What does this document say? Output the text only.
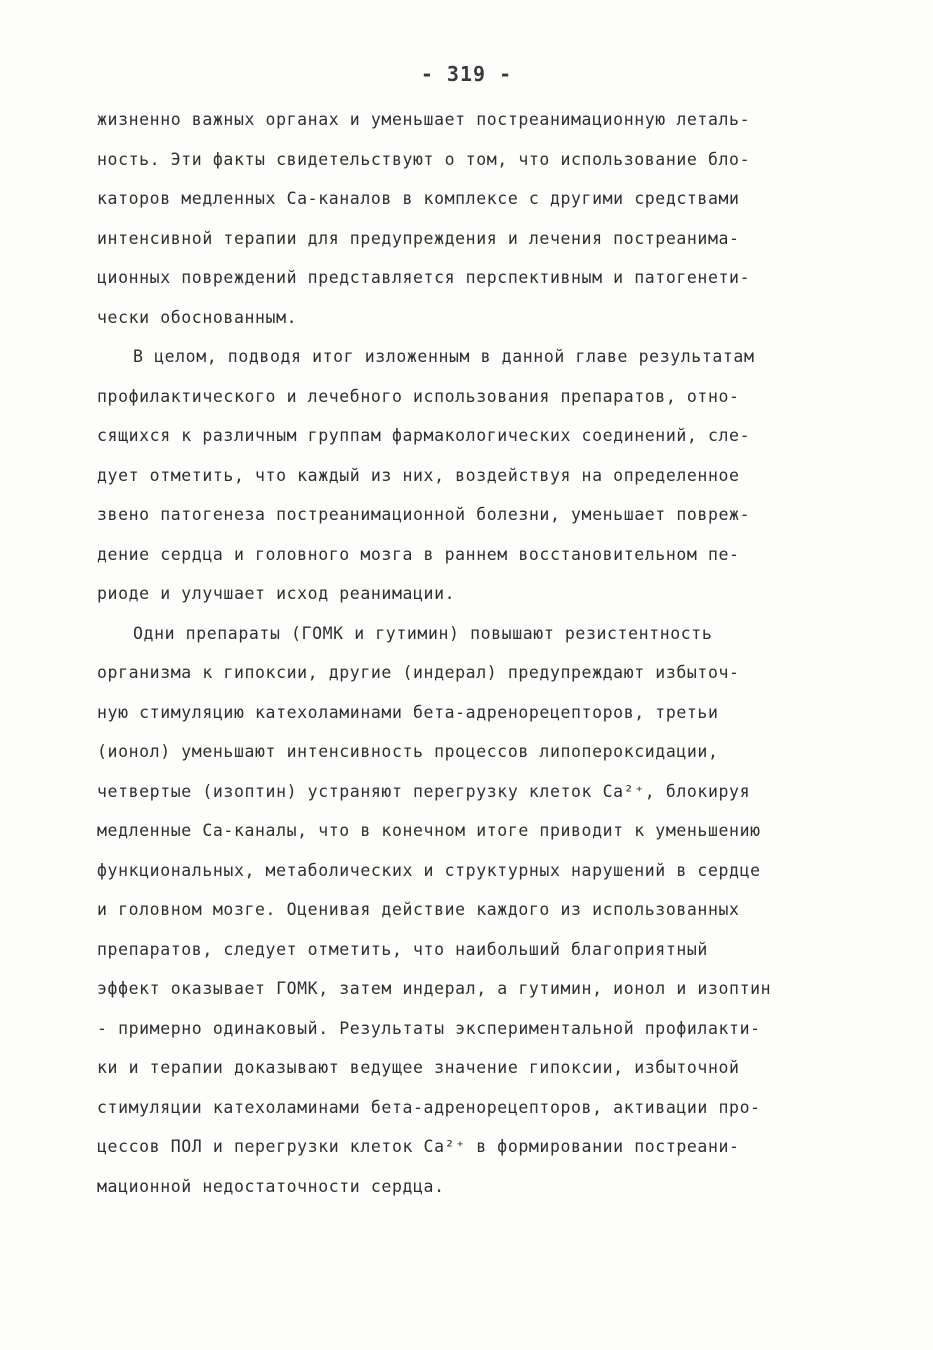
- 319 -
жизненно важных органах и уменьшает постреанимационную леталь-
ность. Эти факты свидетельствуют о том, что использование бло-
каторов медленных Са-каналов в комплексе с другими средствами
интенсивной терапии для предупреждения и лечения постреанима-
ционных повреждений представляется перспективным и патогенети-
чески обоснованным.
В целом, подводя итог изложенным в данной главе результатам
профилактического и лечебного использования препаратов, отно-
сящихся к различным группам фармакологических соединений, сле-
дует отметить, что каждый из них, воздействуя на определенное
звено патогенеза постреанимационной болезни, уменьшает повреж-
дение сердца и головного мозга в раннем восстановительном пе-
риоде и улучшает исход реанимации.
Одни препараты (ГОМК и гутимин) повышают резистентность
организма к гипоксии, другие (индерал) предупреждают избыточ-
ную стимуляцию катехоламинами бета-адренорецепторов, третьи
(ионол) уменьшают интенсивность процессов липопероксидации,
четвертые (изоптин) устраняют перегрузку клеток Ca²⁺, блокируя
медленные Са-каналы, что в конечном итоге приводит к уменьшению
функциональных, метаболических и структурных нарушений в сердце
и головном мозге. Оценивая действие каждого из использованных
препаратов, следует отметить, что наибольший благоприятный
эффект оказывает ГОМК, затем индерал, а гутимин, ионол и изоптин
- примерно одинаковый. Результаты экспериментальной профилакти-
ки и терапии доказывают ведущее значение гипоксии, избыточной
стимуляции катехоламинами бета-адренорецепторов, активации про-
цессов ПОЛ и перегрузки клеток Ca²⁺ в формировании постреани-
мационной недостаточности сердца.
